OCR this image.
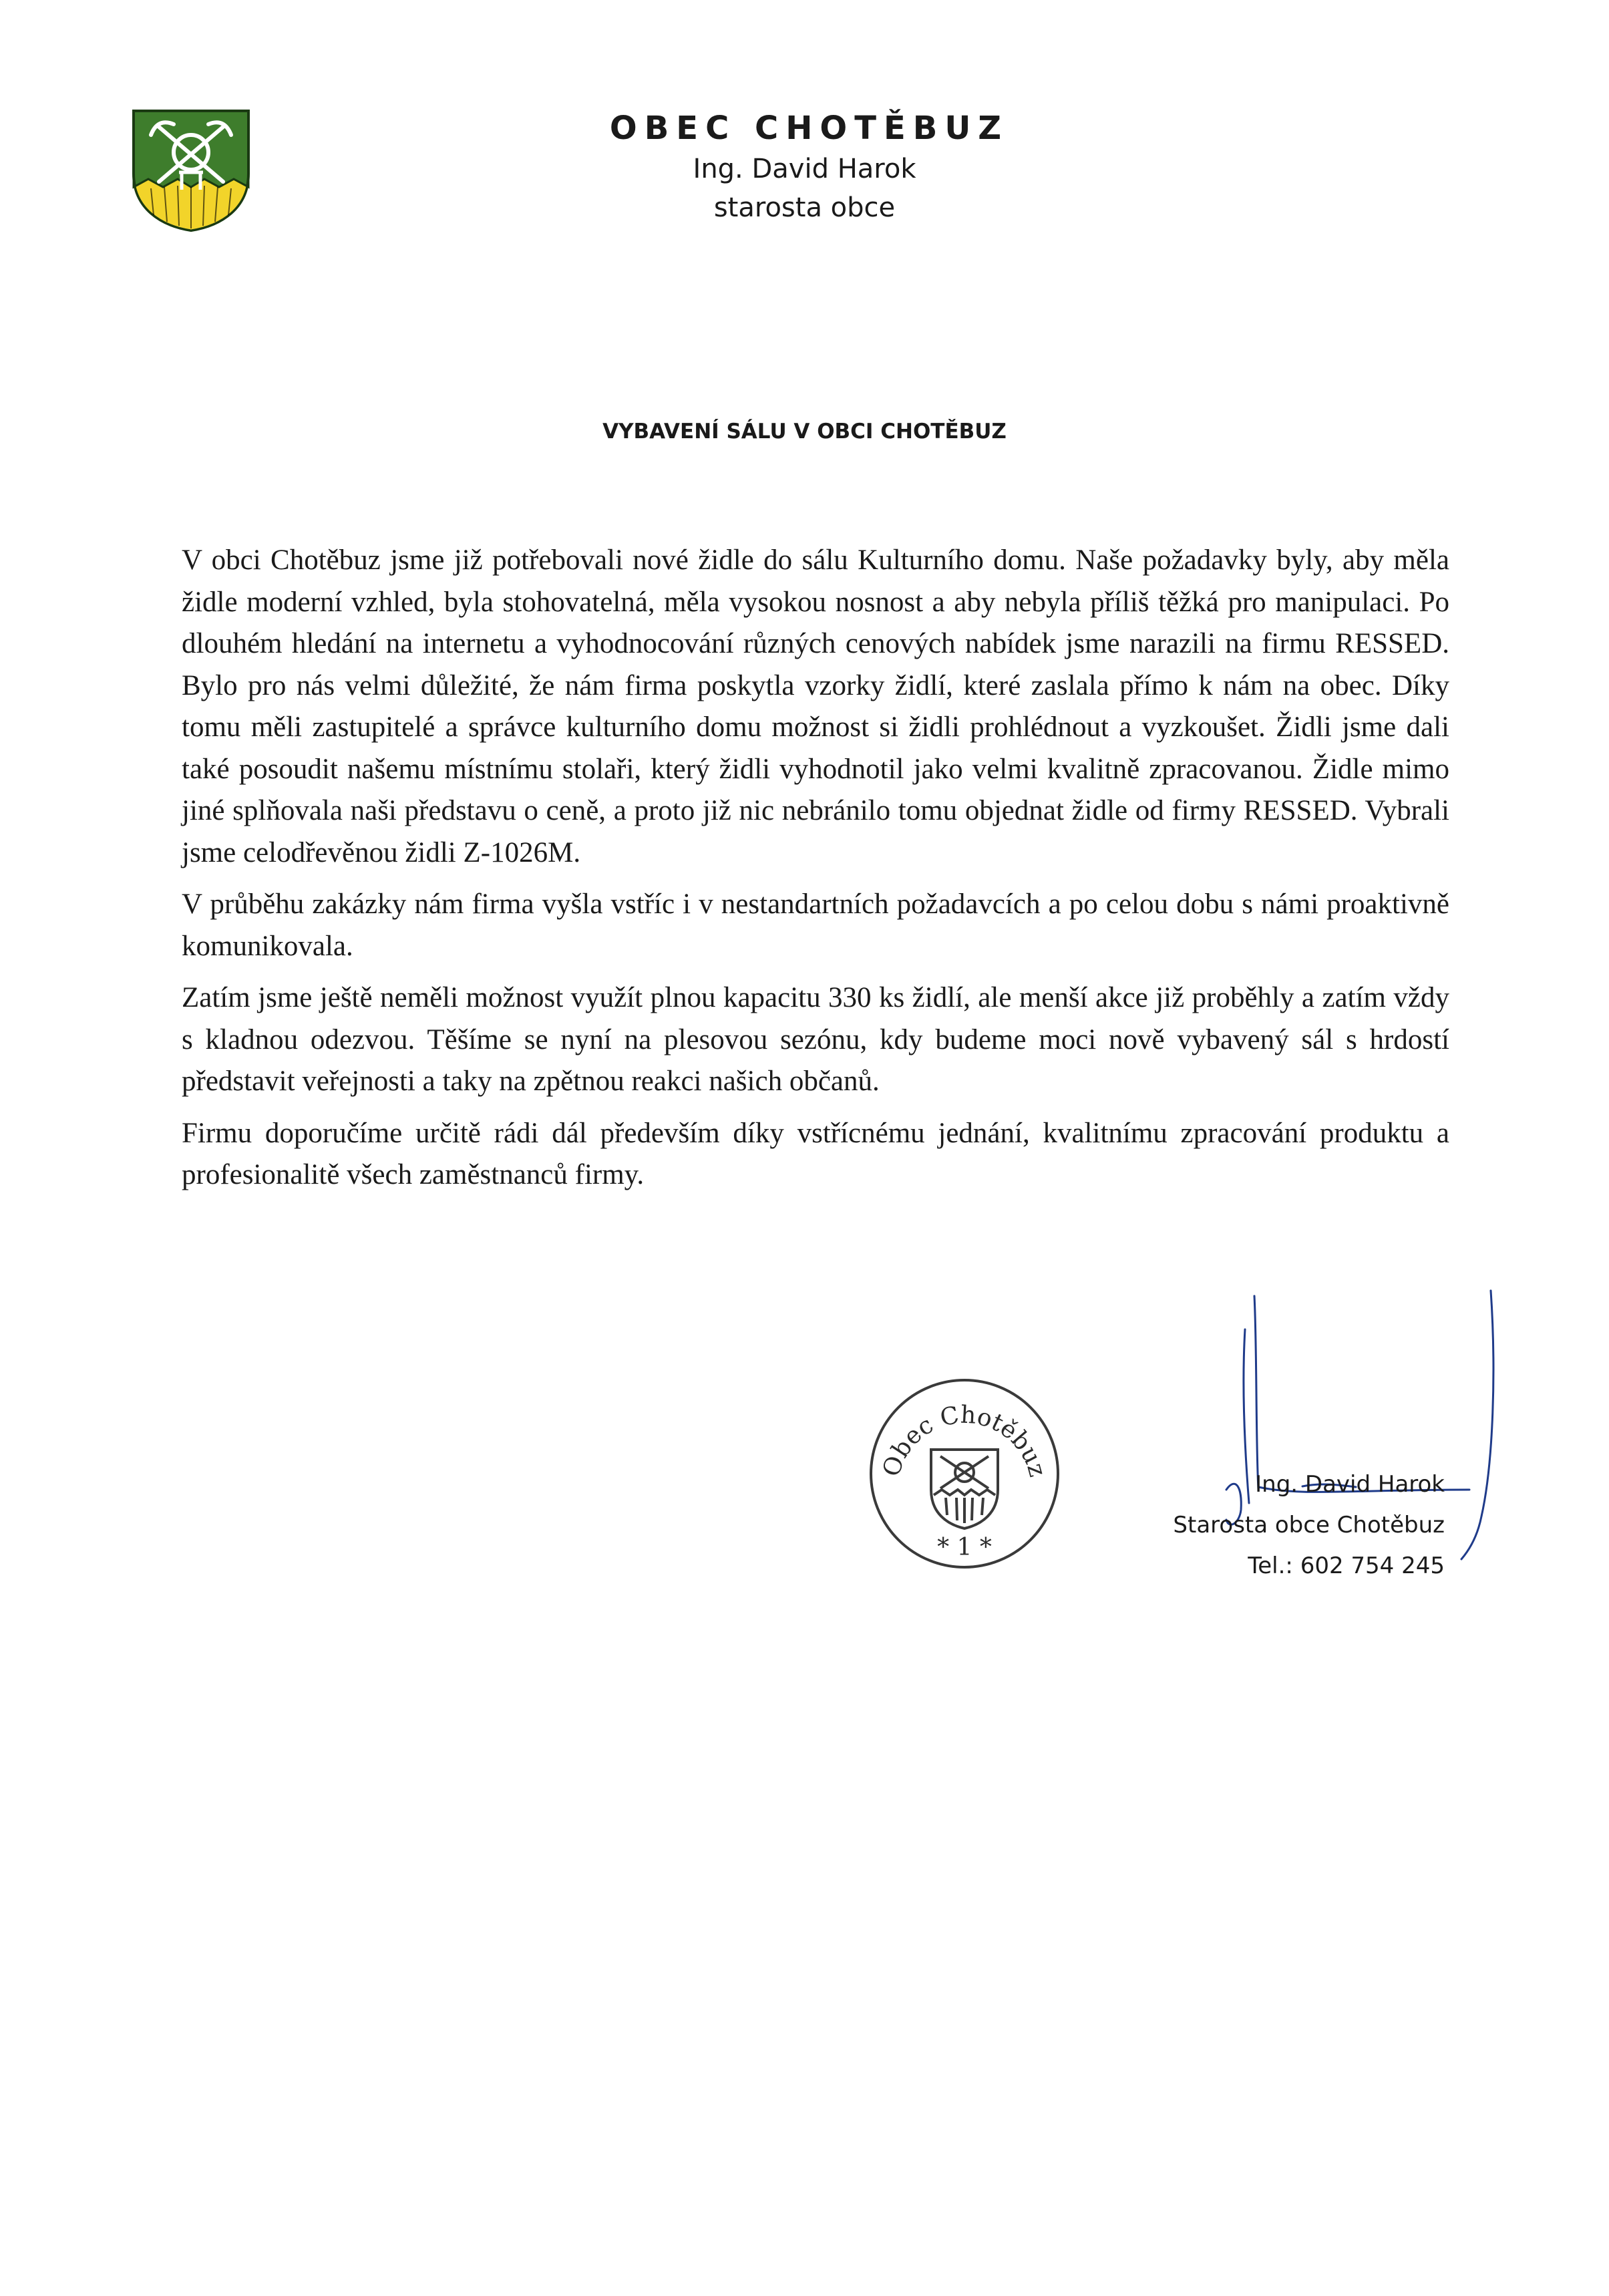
OBEC CHOTĚBUZ
Ing. David Harok
starosta obce
VYBAVENÍ SÁLU V OBCI CHOTĚBUZ

V obci Chotěbuz jsme již potřebovali nové židle do sálu Kulturního domu. Naše požadavky byly, aby měla židle moderní vzhled, byla stohovatelná, měla vysokou nosnost a aby nebyla příliš těžká pro manipulaci. Po dlouhém hledání na internetu a vyhodnocování různých cenových nabídek jsme narazili na firmu RESSED. Bylo pro nás velmi důležité, že nám firma poskytla vzorky židlí, které zaslala přímo k nám na obec. Díky tomu měli zastupitelé a správce kulturního domu možnost si židli prohlédnout a vyzkoušet. Židli jsme dali také posoudit našemu místnímu stolaři, který židli vyhodnotil jako velmi kvalitně zpracovanou. Židle mimo jiné splňovala naši představu o ceně, a proto již nic nebránilo tomu objednat židle od firmy RESSED. Vybrali jsme celodřevěnou židli Z-1026M.

V průběhu zakázky nám firma vyšla vstříc i v nestandartních požadavcích a po celou dobu s námi proaktivně komunikovala.

Zatím jsme ještě neměli možnost využít plnou kapacitu 330 ks židlí, ale menší akce již proběhly a zatím vždy s kladnou odezvou. Těšíme se nyní na plesovou sezónu, kdy budeme moci nově vybavený sál s hrdostí představit veřejnosti a taky na zpětnou reakci našich občanů.

Firmu doporučíme určitě rádi dál především díky vstřícnému jednání, kvalitnímu zpracování produktu a profesionalitě všech zaměstnanců firmy.

Obec Chotěbuz
* 1 *
Ing. David Harok
Starosta obce Chotěbuz
Tel.: 602 754 245
